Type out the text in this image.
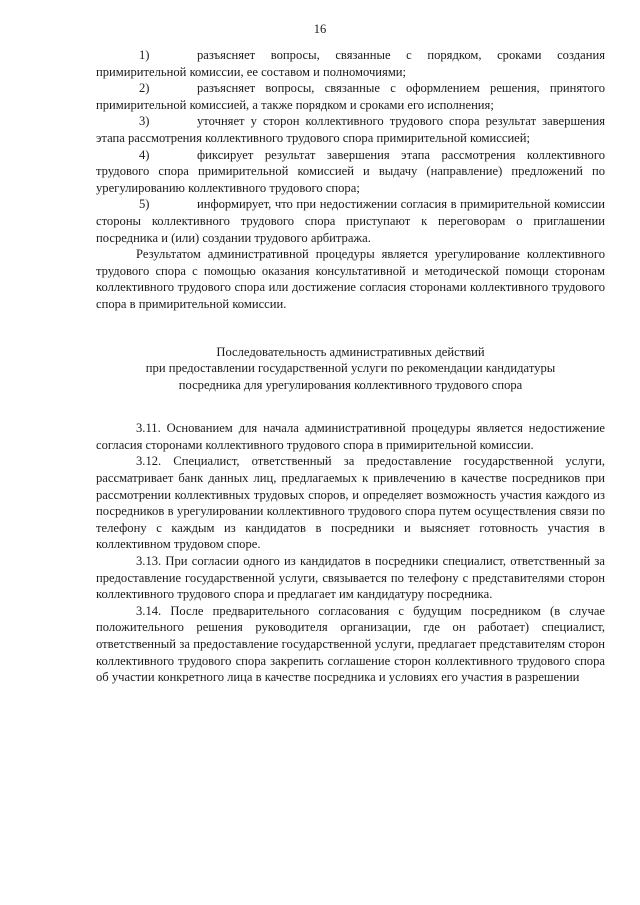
16

1)	разъясняет вопросы, связанные с порядком, сроками создания примирительной комиссии, ее составом и полномочиями;

2)	разъясняет вопросы, связанные с оформлением решения, принятого примирительной комиссией, а также порядком и сроками его исполнения;

3)	уточняет у сторон коллективного трудового спора результат завершения этапа рассмотрения коллективного трудового спора примирительной комиссией;

4)	фиксирует результат завершения этапа рассмотрения коллективного трудового спора примирительной комиссией и выдачу (направление) предложений по урегулированию коллективного трудового спора;

5)	информирует, что при недостижении согласия в примирительной комиссии стороны коллективного трудового спора приступают к переговорам о приглашении посредника и (или) создании трудового арбитража.

Результатом административной процедуры является урегулирование коллективного трудового спора с помощью оказания консультативной и методической помощи сторонам коллективного трудового спора или достижение согласия сторонами коллективного трудового спора в примирительной комиссии.

Последовательность административных действий
при предоставлении государственной услуги по рекомендации кандидатуры
посредника для урегулирования коллективного трудового спора

3.11. Основанием для начала административной процедуры является недостижение согласия сторонами коллективного трудового спора в примирительной комиссии.

3.12. Специалист, ответственный за предоставление государственной услуги, рассматривает банк данных лиц, предлагаемых к привлечению в качестве посредников при рассмотрении коллективных трудовых споров, и определяет возможность участия каждого из посредников в урегулировании коллективного трудового спора путем осуществления связи по телефону с каждым из кандидатов в посредники и выясняет готовность участия в коллективном трудовом споре.

3.13. При согласии одного из кандидатов в посредники специалист, ответственный за предоставление государственной услуги, связывается по телефону с представителями сторон коллективного трудового спора и предлагает им кандидатуру посредника.

3.14. После предварительного согласования с будущим посредником (в случае положительного решения руководителя организации, где он работает) специалист, ответственный за предоставление государственной услуги, предлагает представителям сторон коллективного трудового спора закрепить соглашение сторон коллективного трудового спора об участии конкретного лица в качестве посредника и условиях его участия в разрешении
